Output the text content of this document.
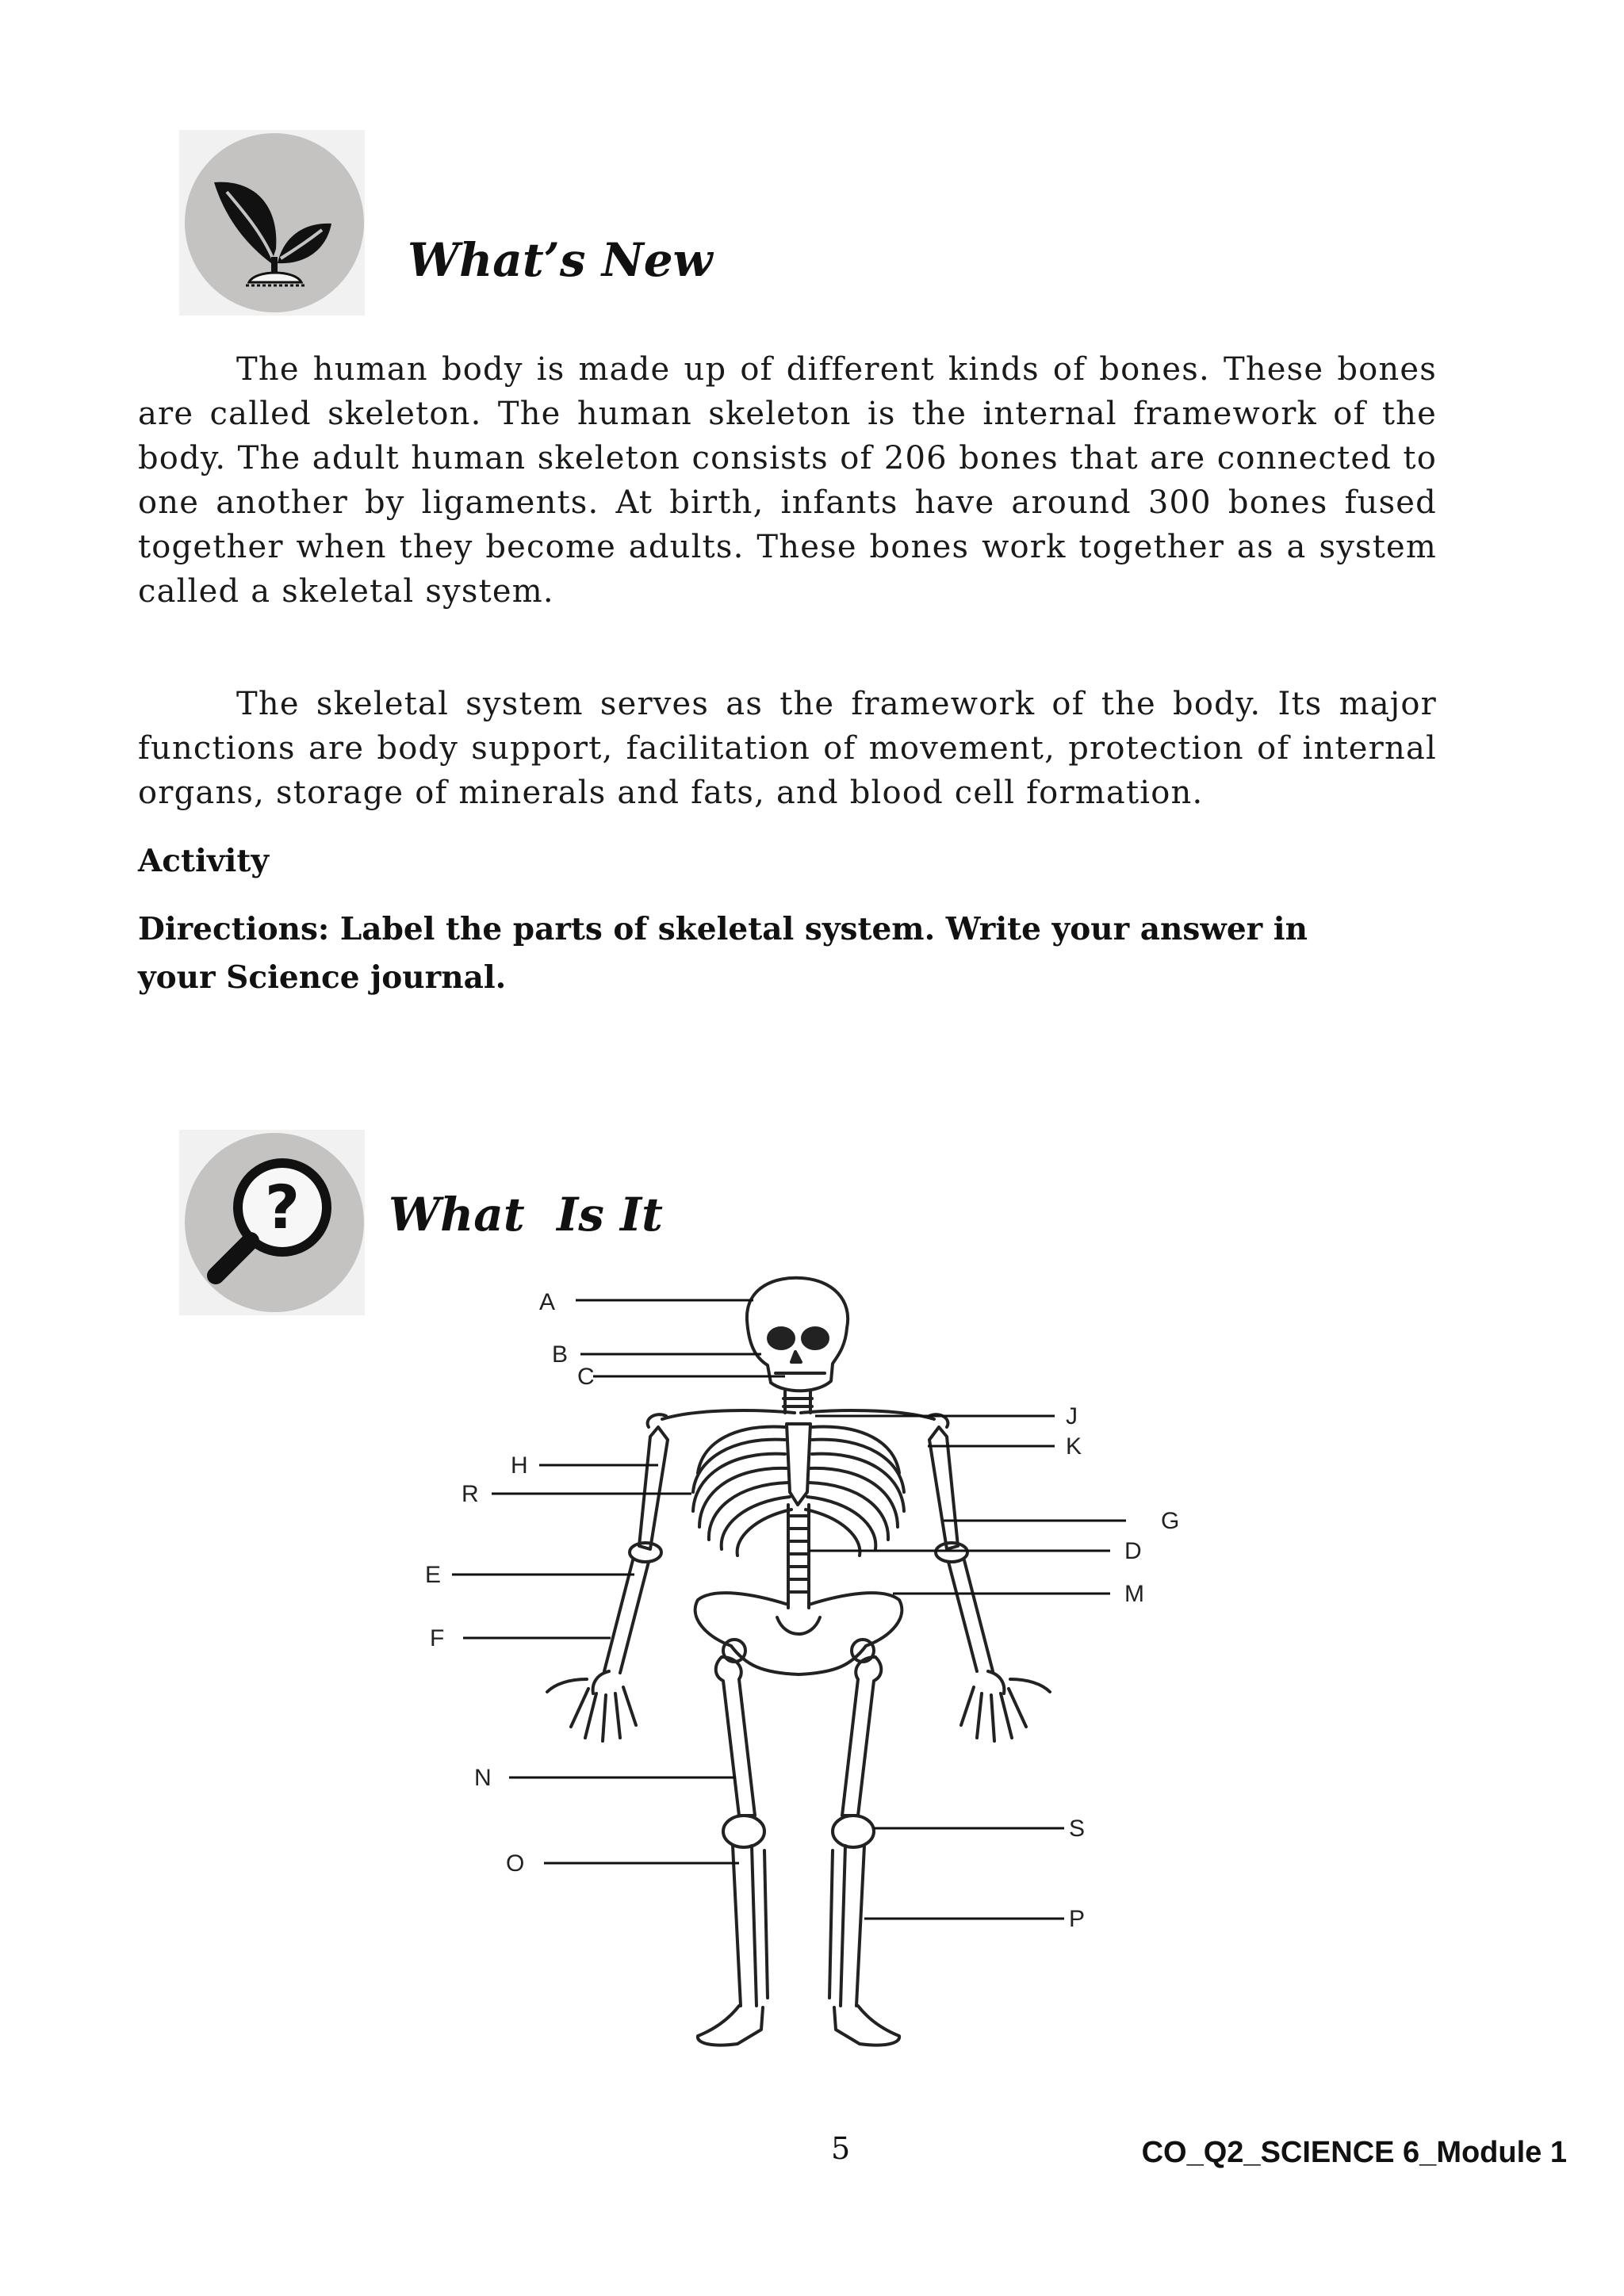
What’s New

The human body is made up of different kinds of bones. These bones are called skeleton. The human skeleton is the internal framework of the body. The adult human skeleton consists of 206 bones that are connected to one another by ligaments. At birth, infants have around 300 bones fused together when they become adults. These bones work together as a system called a skeletal system.

The skeletal system serves as the framework of the body. Its major functions are body support, facilitation of movement, protection of internal organs, storage of minerals and fats, and blood cell formation.

Activity

Directions: Label the parts of skeletal system. Write your answer in

your Science journal.

? What  Is It
A
B
C
J
K
H
R
G
D
E
M
F
N
S
O
P
5	CO_Q2_SCIENCE 6_Module 1
